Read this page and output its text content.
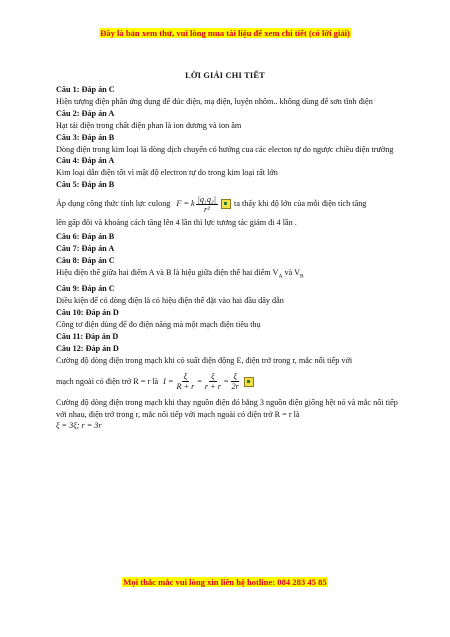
Đây là bản xem thử, vui lòng mua tài liệu để xem chi tiết (có lời giải)
LỜI GIẢI CHI TIẾT
Câu 1: Đáp án C

Hiện tượng điện phân ứng dụng để đúc điện, mạ điện, luyện nhôm.. không dùng để sơn tĩnh điện

Câu 2: Đáp án A

Hạt tải điện trong chất điện phan là ion dương và ion âm

Câu 3: Đáp án B

Dòng điện trong kim loại là dòng dịch chuyển có hướng cua các electon tự do ngược chiều điện trường

Câu 4: Đáp án A

Kim loại dẫn điện tốt vì mật độ electron tự do trong kim loại rất lớn

Câu 5: Đáp án B
Áp dụng công thức tính lực culong F = k $\frac{\text{|q₁q₂|}}{\text{r²}}$ ta thấy khi độ lớn của mỗi điện tích tăng

lên gấp đôi và khoảng cách tăng lên 4 lần thì lực tương tác giảm đi 4 lần .

Câu 6: Đáp án B
Câu 7: Đáp án A
Câu 8: Đáp án C

Hiệu điện thế giữa hai điểm A và B là hiệu giữa điện thế hai điểm $V_A$ và $V_B$

Câu 9: Đáp án C

Điều kiện để có dòng điện là có hiệu điện thế đặt vào hai đầu dây dẫn

Câu 10: Đáp án D

Công tơ điện dùng để đo điện năng mà một mạch điện tiêu thụ

Câu 11: Đáp án D
Câu 12: Đáp án D

Cường độ dòng điện trong mạch khi có suất điện động E, điện trở trong r, mắc nối tiếp với

mạch ngoài có điện trở R = r là $I = \frac{\xi}{R + r} = \frac{\xi}{r + r} = \frac{\xi}{2r}$

Cường độ dòng điện trong mạch khi thay nguồn điện đó bằng 3 nguồn điện giống hệt nó và mắc nối tiếp với nhau, điện trở trong r, mắc nối tiếp với mạch ngoài có điện trở R = r là

ξ = 3ξ; r = 3r

Mọi thắc mắc vui lòng xin liên hệ hotline: 084 283 45 85
